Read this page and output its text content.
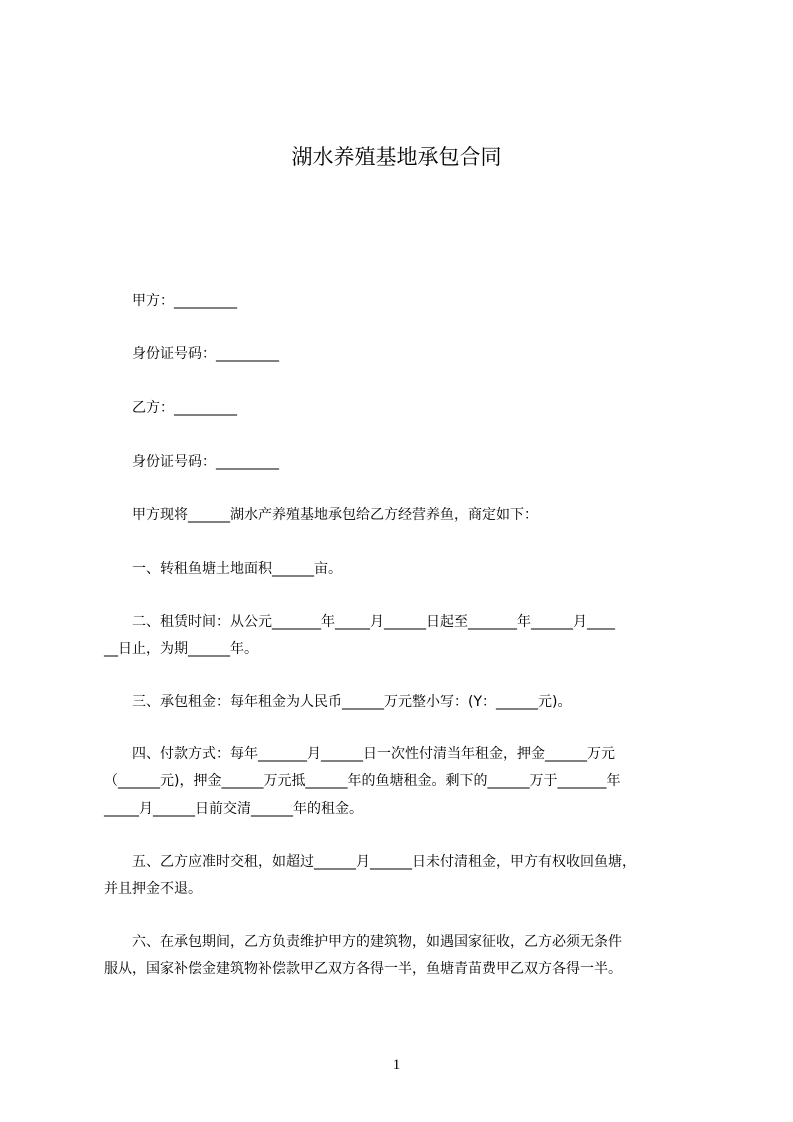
湖水养殖基地承包合同
　　甲方：_________
　　身份证号码：_________
　　乙方：_________
　　身份证号码：_________
　　甲方现将______湖水产养殖基地承包给乙方经营养鱼，商定如下：
　　一、转租鱼塘土地面积______亩。
　　二、租赁时间：从公元_______年_____月______日起至_______年______月____
__日止，为期______年。
　　三、承包租金：每年租金为人民币______万元整小写：(Y：______元)。
　　四、付款方式：每年_______月______日一次性付清当年租金，押金______万元
（______元)，押金______万元抵______年的鱼塘租金。剩下的______万于_______年
_____月______日前交清______年的租金。
　　五、乙方应准时交租，如超过______月______日未付清租金，甲方有权收回鱼塘，
并且押金不退。
　　六、在承包期间，乙方负责维护甲方的建筑物，如遇国家征收，乙方必须无条件
服从，国家补偿金建筑物补偿款甲乙双方各得一半，鱼塘青苗费甲乙双方各得一半。
1
